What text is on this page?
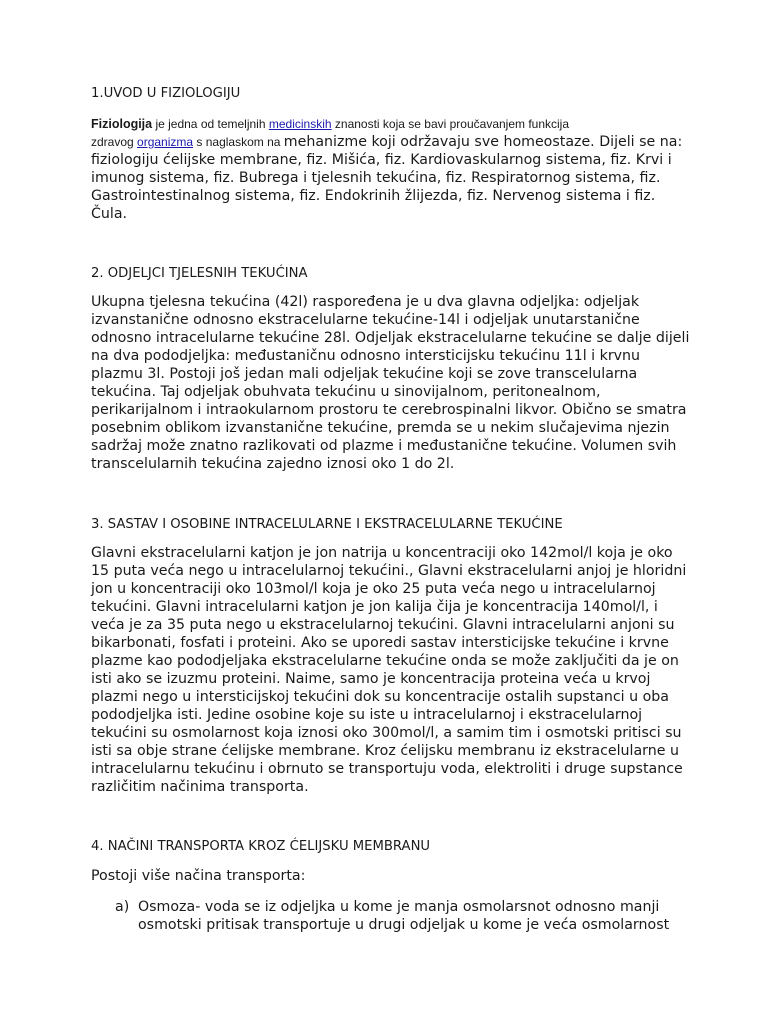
1.UVOD U FIZIOLOGIJU

Fiziologija je jedna od temeljnih medicinskih znanosti koja se bavi proučavanjem funkcija

zdravog organizma s naglaskom na mehanizme koji održavaju sve homeostaze. Dijeli se na: fiziologiju ćelijske membrane, fiz. Mišića, fiz. Kardiovaskularnog sistema, fiz. Krvi i imunog sistema, fiz. Bubrega i tjelesnih tekućina, fiz. Respiratornog sistema, fiz. Gastrointestinalnog sistema, fiz. Endokrinih žlijezda, fiz. Nervenog sistema i fiz. Čula.

2. ODJELJCI TJELESNIH TEKUĆINA

Ukupna tjelesna tekućina (42l) raspoređena je u dva glavna odjeljka: odjeljak izvanstanične odnosno ekstracelularne tekućine-14l i odjeljak unutarstanične odnosno intracelularne tekućine 28l. Odjeljak ekstracelularne tekućine se dalje dijeli na dva pododjeljka: međustaničnu odnosno intersticijsku tekućinu 11l i krvnu plazmu 3l. Postoji još jedan mali odjeljak tekućine koji se zove transcelularna tekućina. Taj odjeljak obuhvata tekućinu u sinovijalnom, peritonealnom, perikarijalnom i intraokularnom prostoru te cerebrospinalni likvor. Obično se smatra posebnim oblikom izvanstanične tekućine, premda se u nekim slučajevima njezin sadržaj može znatno razlikovati od plazme i međustanične tekućine. Volumen svih transcelularnih tekućina zajedno iznosi oko 1 do 2l.

3. SASTAV I OSOBINE INTRACELULARNE I EKSTRACELULARNE TEKUĆINE

Glavni ekstracelularni katjon je jon natrija u koncentraciji oko 142mol/l koja je oko 15 puta veća nego u intracelularnoj tekućini., Glavni ekstracelularni anjoj je hloridni jon u koncentraciji oko 103mol/l koja je oko 25 puta veća nego u intracelularnoj tekućini. Glavni intracelularni katjon je jon kalija čija je koncentracija 140mol/l, i veća je za 35 puta nego u ekstracelularnoj tekućini. Glavni intracelularni anjoni su bikarbonati, fosfati i proteini. Ako se uporedi sastav intersticijske tekućine i krvne plazme kao pododjeljaka ekstracelularne tekućine onda se može zaključiti da je on isti ako se izuzmu proteini. Naime, samo je koncentracija proteina veća u krvoj plazmi nego u intersticijskoj tekućini dok su koncentracije ostalih supstanci u oba pododjeljka isti. Jedine osobine koje su iste u intracelularnoj i ekstracelularnoj tekućini su osmolarnost koja iznosi oko 300mol/l, a samim tim i osmotski pritisci su isti sa obje strane ćelijske membrane. Kroz ćelijsku membranu iz ekstracelularne u intracelularnu tekućinu i obrnuto se transportuju voda, elektroliti i druge supstance različitim načinima transporta.

4. NAČINI TRANSPORTA KROZ ĆELIJSKU MEMBRANU

Postoji više načina transporta:

a) Osmoza- voda se iz odjeljka u kome je manja osmolarsnot odnosno manji osmotski pritisak transportuje u drugi odjeljak u kome je veća osmolarnost
